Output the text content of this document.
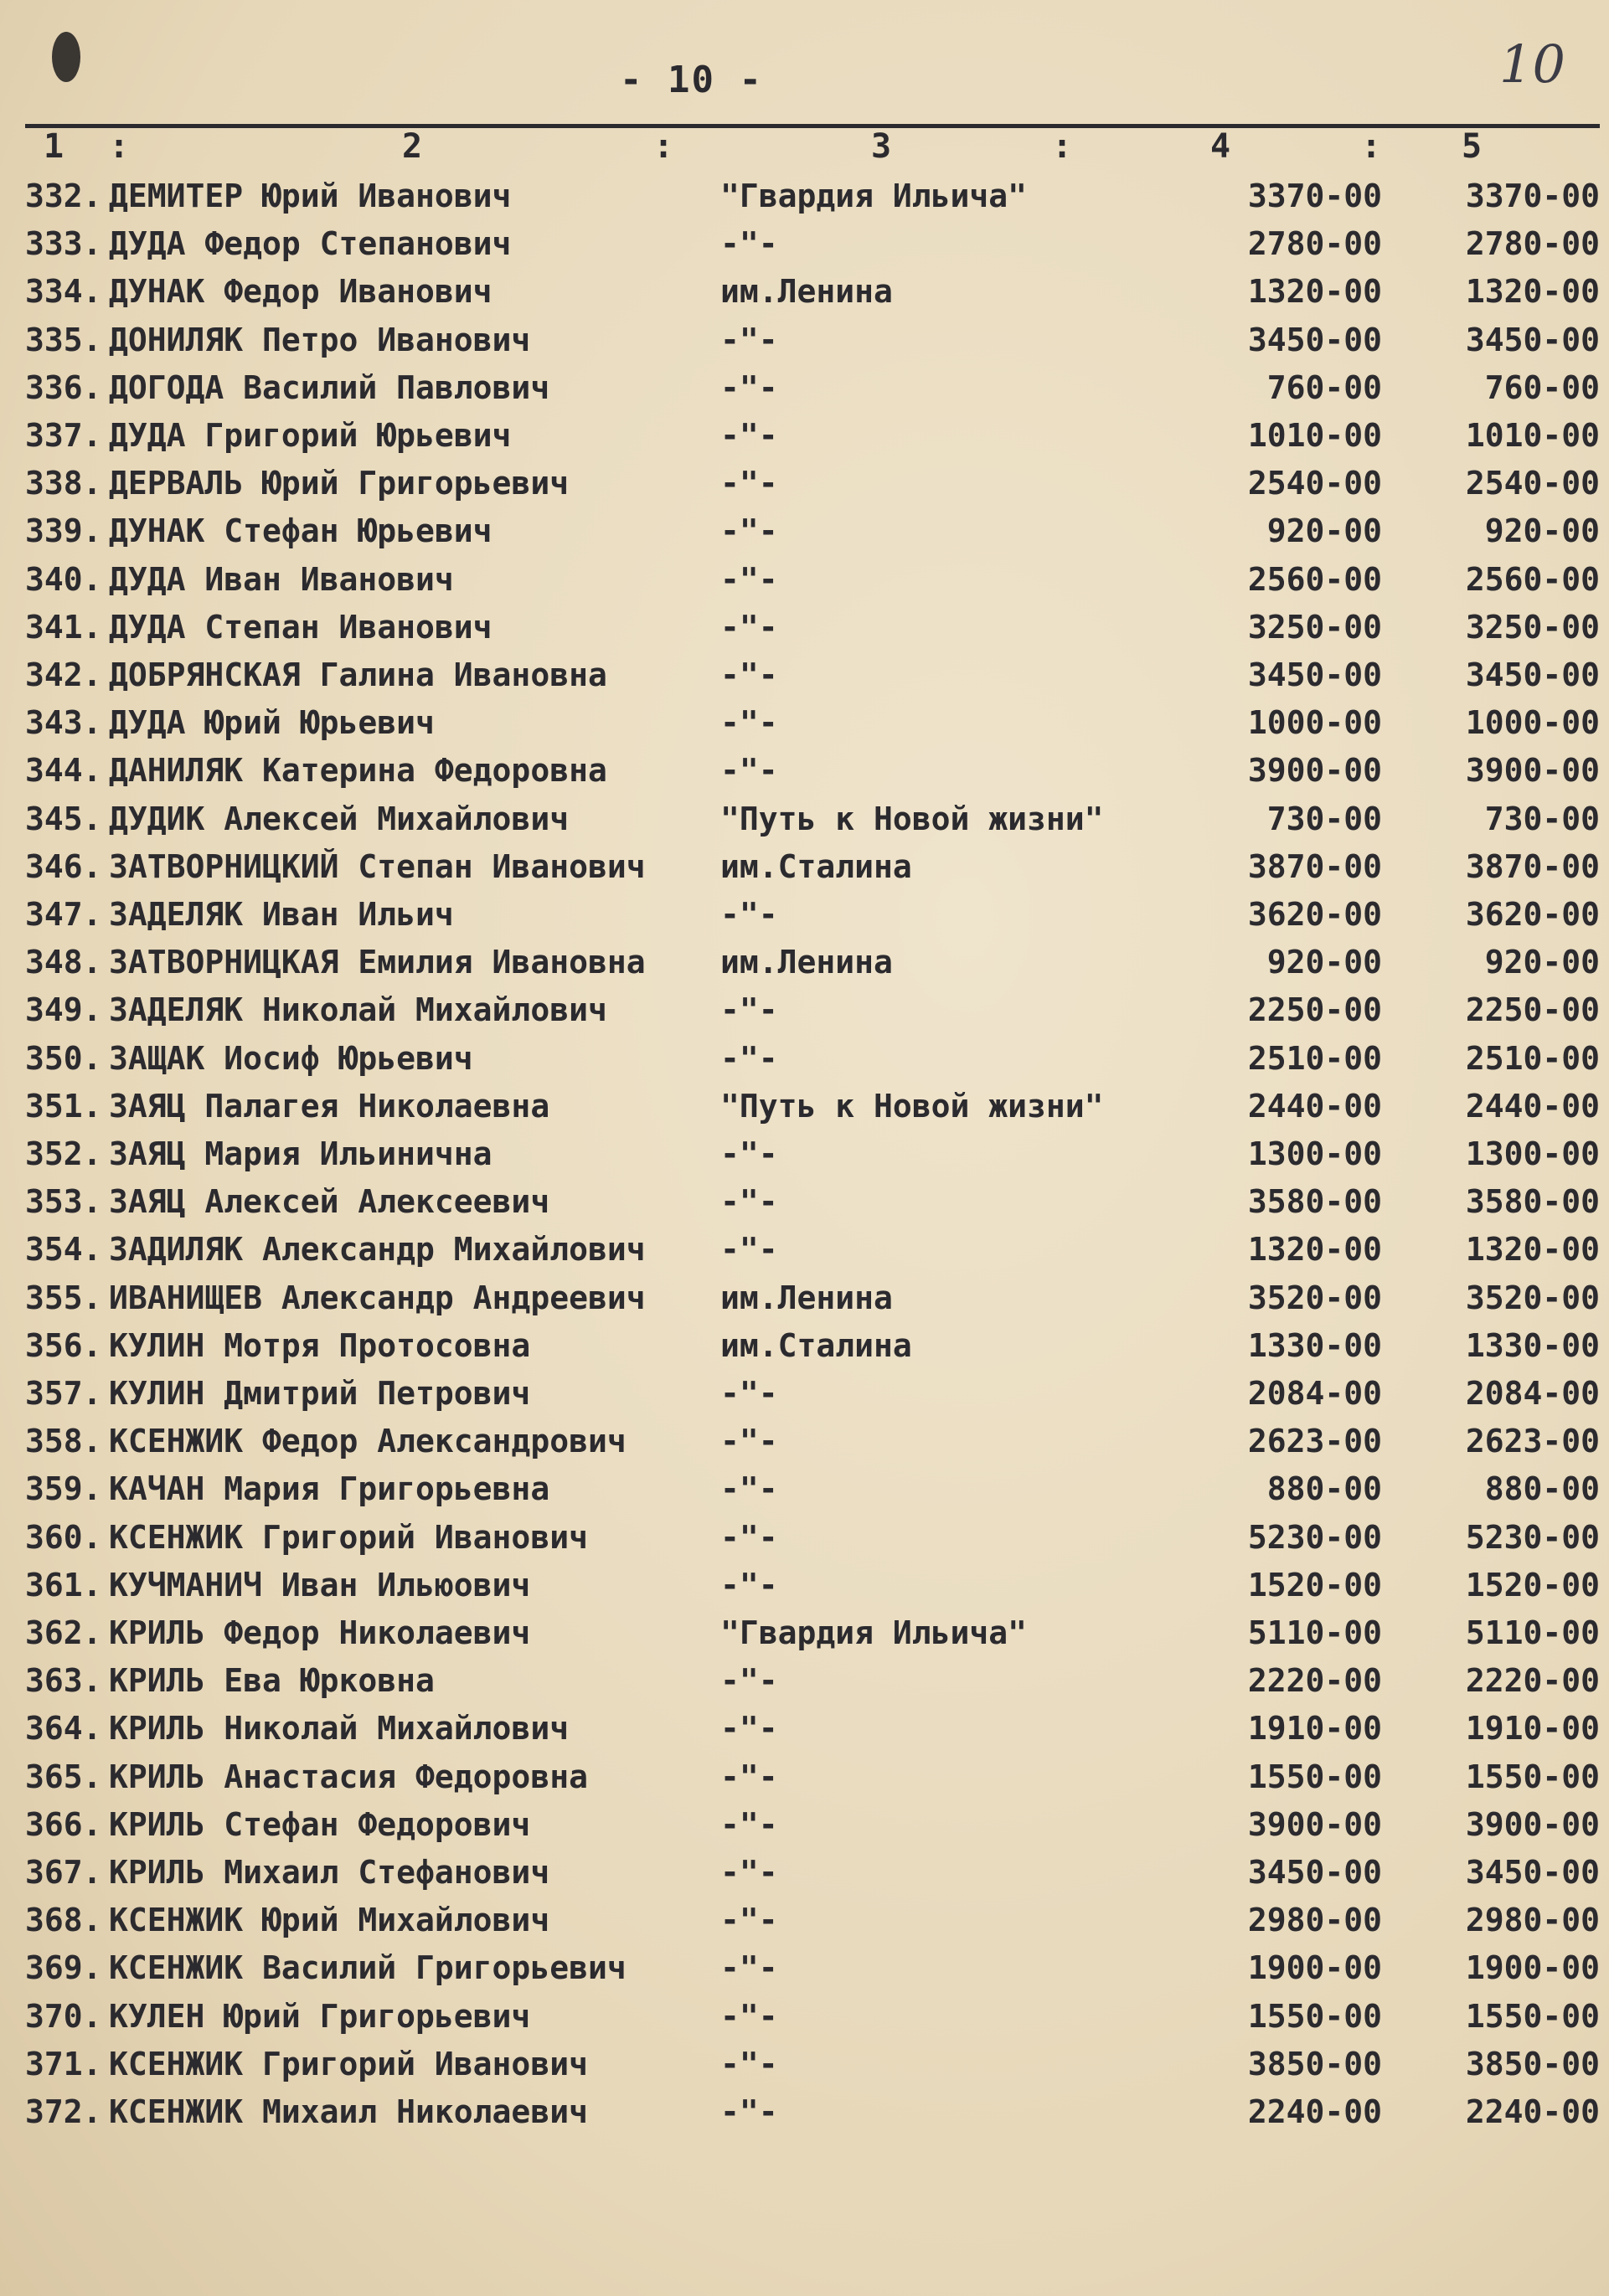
- 10 -	10
1 :	2	:	3	:	4	: 5
332. ДЕМИТЕР Юрий Иванович	"Гвардия Ильича"	3370-00	3370-00
333. ДУДА Федор Степанович	-"-	2780-00	2780-00
334. ДУНАК Федор Иванович	им.Ленина	1320-00	1320-00
335. ДОНИЛЯК Петро Иванович	-"-	3450-00	3450-00
336. ДОГОДА Василий Павлович	-"-	760-00	760-00
337. ДУДА Григорий Юрьевич	-"-	1010-00	1010-00
338. ДЕРВАЛЬ Юрий Григорьевич	-"-	2540-00	2540-00
339. ДУНАК Стефан Юрьевич	-"-	920-00	920-00
340. ДУДА Иван Иванович	-"-	2560-00	2560-00
341. ДУДА Степан Иванович	-"-	3250-00	3250-00
342. ДОБРЯНСКАЯ Галина Ивановна	-"-	3450-00	3450-00
343. ДУДА Юрий Юрьевич	-"-	1000-00	1000-00
344. ДАНИЛЯК Катерина Федоровна	-"-	3900-00	3900-00
345. ДУДИК Алексей Михайлович	"Путь к Новой жизни"	730-00	730-00
346. ЗАТВОРНИЦКИЙ Степан Иванович	им.Сталина	3870-00	3870-00
347. ЗАДЕЛЯК Иван Ильич	-"-	3620-00	3620-00
348. ЗАТВОРНИЦКАЯ Емилия Ивановна	им.Ленина	920-00	920-00
349. ЗАДЕЛЯК Николай Михайлович	-"-	2250-00	2250-00
350. ЗАЩАК Иосиф Юрьевич	-"-	2510-00	2510-00
351. ЗАЯЦ Палагея Николаевна	"Путь к Новой жизни"	2440-00	2440-00
352. ЗАЯЦ Мария Ильинична	-"-	1300-00	1300-00
353. ЗАЯЦ Алексей Алексеевич	-"-	3580-00	3580-00
354. ЗАДИЛЯК Александр Михайлович	-"-	1320-00	1320-00
355. ИВАНИЩЕВ Александр Андреевич	им.Ленина	3520-00	3520-00
356. КУЛИН Мотря Протосовна	им.Сталина	1330-00	1330-00
357. КУЛИН Дмитрий Петрович	-"-	2084-00	2084-00
358. КСЕНЖИК Федор Александрович	-"-	2623-00	2623-00
359. КАЧАН Мария Григорьевна	-"-	880-00	880-00
360. КСЕНЖИК Григорий Иванович	-"-	5230-00	5230-00
361. КУЧМАНИЧ Иван Ильюович	-"-	1520-00	1520-00
362. КРИЛЬ Федор Николаевич	"Гвардия Ильича"	5110-00	5110-00
363. КРИЛЬ Ева Юрковна	-"-	2220-00	2220-00
364. КРИЛЬ Николай Михайлович	-"-	1910-00	1910-00
365. КРИЛЬ Анастасия Федоровна	-"-	1550-00	1550-00
366. КРИЛЬ Стефан Федорович	-"-	3900-00	3900-00
367. КРИЛЬ Михаил Стефанович	-"-	3450-00	3450-00
368. КСЕНЖИК Юрий Михайлович	-"-	2980-00	2980-00
369. КСЕНЖИК Василий Григорьевич	-"-	1900-00	1900-00
370. КУЛЕН Юрий Григорьевич	-"-	1550-00	1550-00
371. КСЕНЖИК Григорий Иванович	-"-	3850-00	3850-00
372. КСЕНЖИК Михаил Николаевич	-"-	2240-00	2240-00
